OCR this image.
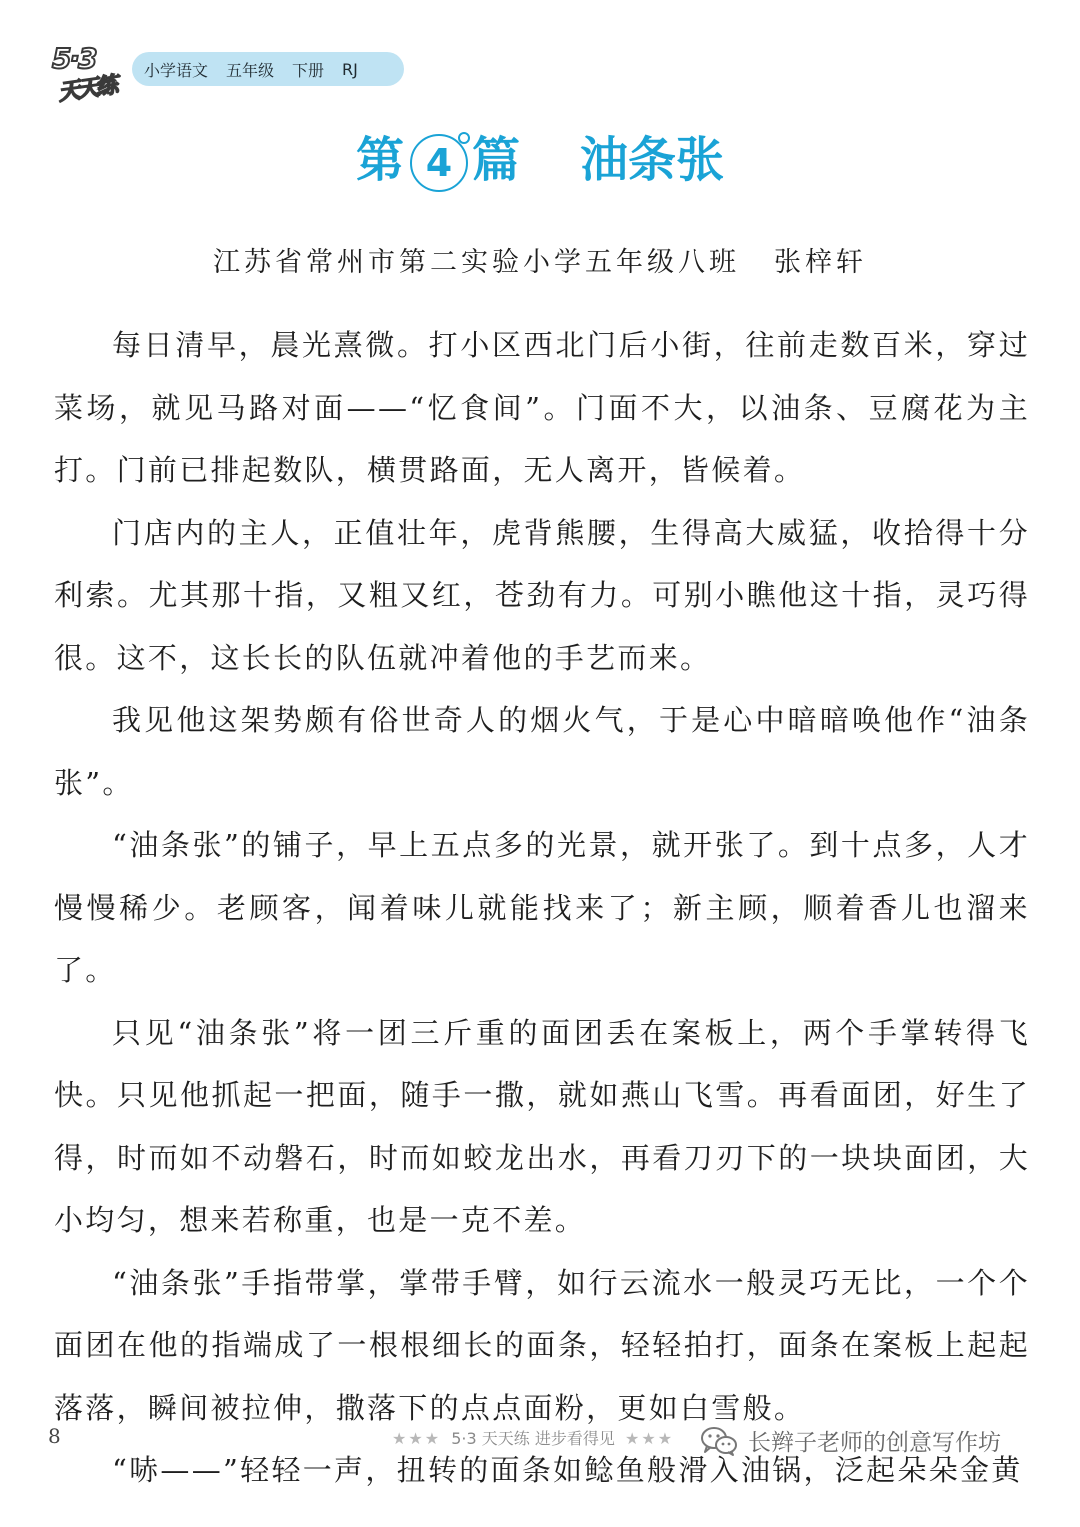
5·3
天天练
小学语文 五年级 下册 RJ
第 4 篇 油条张
江苏省常州市第二实验小学五年级八班 张梓轩

每日清早，晨光熹微。打小区西北门后小街，往前走数百米，穿过菜场，就见马路对面——“忆食间”。门面不大，以油条、豆腐花为主打。门前已排起数队，横贯路面，无人离开，皆候着。

门店内的主人，正值壮年，虎背熊腰，生得高大威猛，收拾得十分利索。尤其那十指，又粗又红，苍劲有力。可别小瞧他这十指，灵巧得很。这不，这长长的队伍就冲着他的手艺而来。

我见他这架势颇有俗世奇人的烟火气，于是心中暗暗唤他作“油条张”。

“油条张”的铺子，早上五点多的光景，就开张了。到十点多，人才慢慢稀少。老顾客，闻着味儿就能找来了；新主顾，顺着香儿也溜来了。

只见“油条张”将一团三斤重的面团丢在案板上，两个手掌转得飞快。只见他抓起一把面，随手一撒，就如燕山飞雪。再看面团，好生了得，时而如不动磐石，时而如蛟龙出水，再看刀刃下的一块块面团，大小均匀，想来若称重，也是一克不差。

“油条张”手指带掌，掌带手臂，如行云流水一般灵巧无比，一个个面团在他的指端成了一根根细长的面条，轻轻拍打，面条在案板上起起落落，瞬间被拉伸，撒落下的点点面粉，更如白雪般。

“哧——”轻轻一声，扭转的面条如鲶鱼般滑入油锅，泛起朵朵金黄

8	★★★ 5·3 天天练 进步看得见 ★★★	长辫子老师的创意写作坊
